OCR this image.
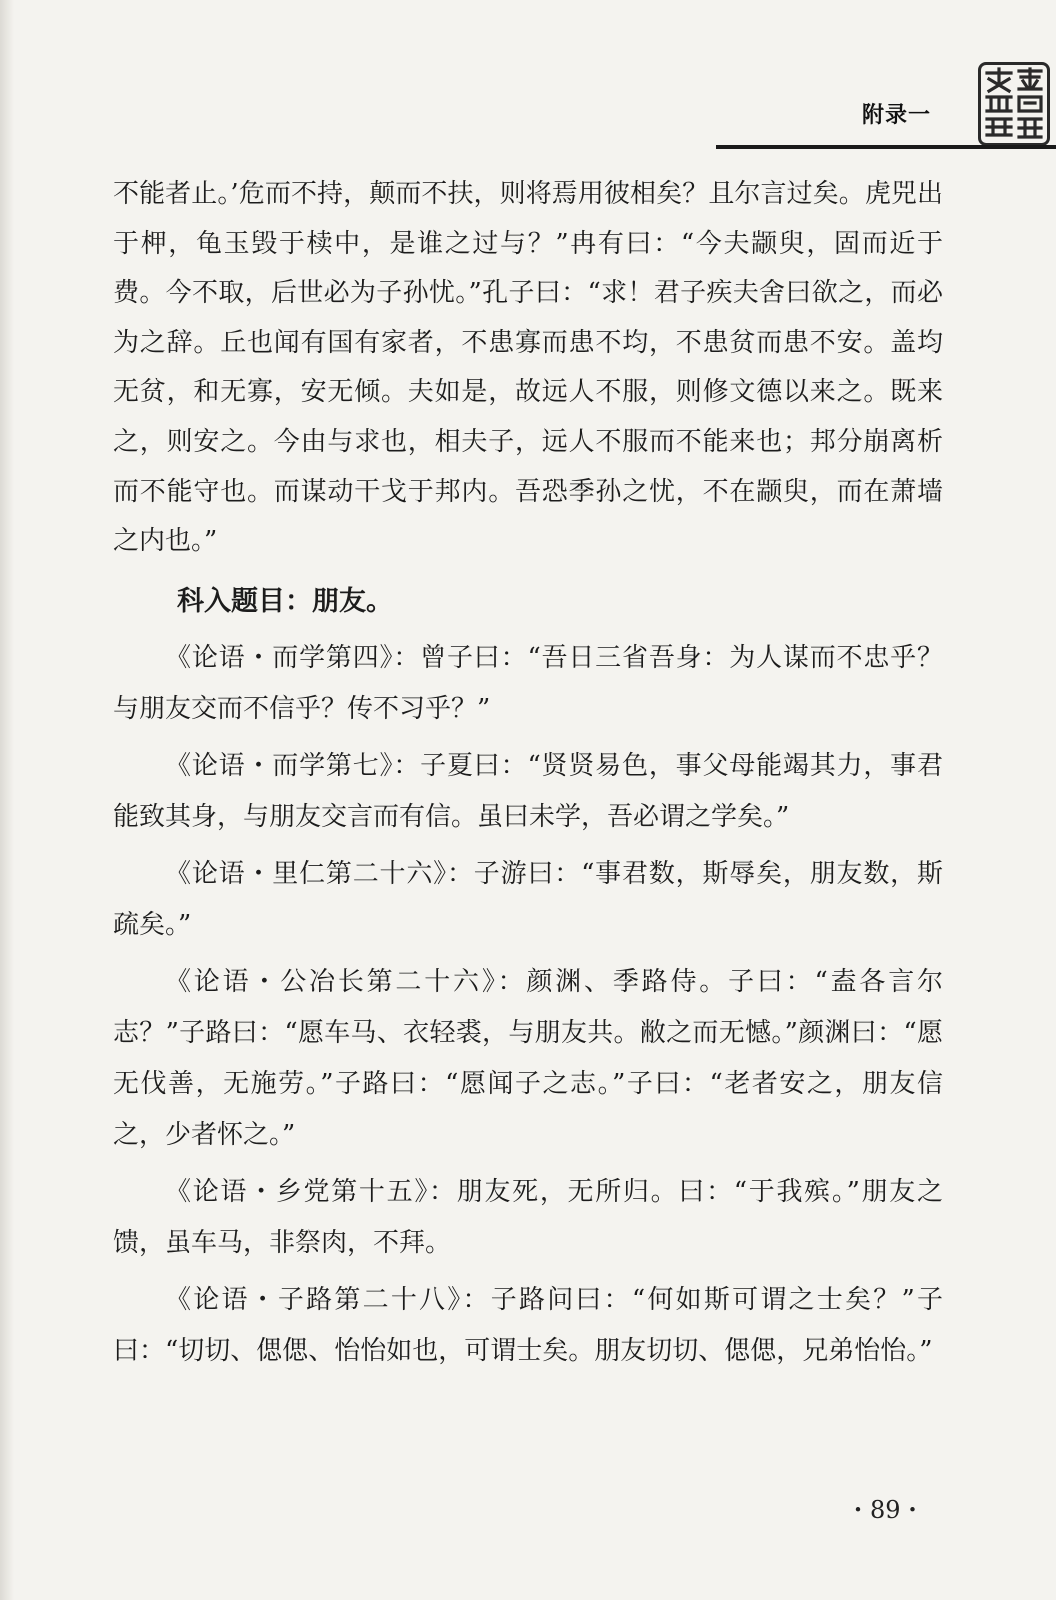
附录一

不能者止。’危而不持，颠而不扶，则将焉用彼相矣？且尔言过矣。虎兕出于柙，龟玉毁于椟中，是谁之过与？”冉有曰：“今夫颛臾，固而近于费。今不取，后世必为子孙忧。”孔子曰：“求！君子疾夫舍曰欲之，而必为之辞。丘也闻有国有家者，不患寡而患不均，不患贫而患不安。盖均无贫，和无寡，安无倾。夫如是，故远人不服，则修文德以来之。既来之，则安之。今由与求也，相夫子，远人不服而不能来也；邦分崩离析而不能守也。而谋动干戈于邦内。吾恐季孙之忧，不在颛臾，而在萧墙之内也。”

科入题目：朋友。

《论语・而学第四》：曾子曰：“吾日三省吾身：为人谋而不忠乎？与朋友交而不信乎？传不习乎？”

《论语・而学第七》：子夏曰：“贤贤易色，事父母能竭其力，事君能致其身，与朋友交言而有信。虽曰未学，吾必谓之学矣。”

《论语・里仁第二十六》：子游曰：“事君数，斯辱矣，朋友数，斯疏矣。”

《论语・公冶长第二十六》：颜渊、季路侍。子曰：“盍各言尔志？”子路曰：“愿车马、衣轻裘，与朋友共。敝之而无憾。”颜渊曰：“愿无伐善，无施劳。”子路曰：“愿闻子之志。”子曰：“老者安之，朋友信之，少者怀之。”

《论语・乡党第十五》：朋友死，无所归。曰：“于我殡。”朋友之馈，虽车马，非祭肉，不拜。

《论语・子路第二十八》：子路问曰：“何如斯可谓之士矣？”子曰：“切切、偲偲、怡怡如也，可谓士矣。朋友切切、偲偲，兄弟怡怡。”

・89・
